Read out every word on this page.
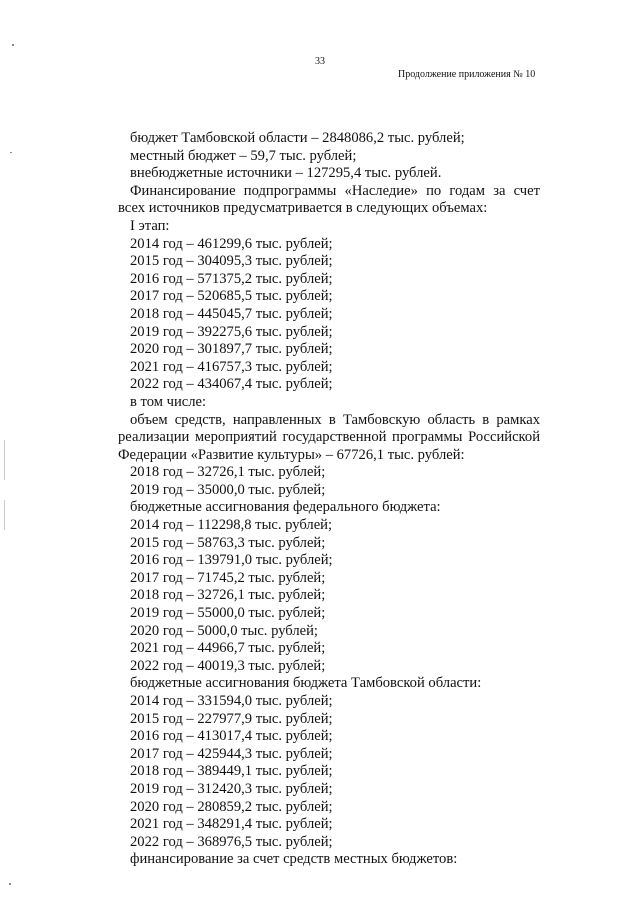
33
Продолжение приложения № 10

бюджет Тамбовской области – 2848086,2 тыс. рублей;

местный бюджет – 59,7 тыс. рублей;

внебюджетные источники – 127295,4 тыс. рублей.

Финансирование подпрограммы «Наследие» по годам за счет всех источников предусматривается в следующих объемах:

I этап:

2014 год – 461299,6 тыс. рублей;

2015 год – 304095,3 тыс. рублей;

2016 год – 571375,2 тыс. рублей;

2017 год – 520685,5 тыс. рублей;

2018 год – 445045,7 тыс. рублей;

2019 год – 392275,6 тыс. рублей;

2020 год – 301897,7 тыс. рублей;

2021 год – 416757,3 тыс. рублей;

2022 год – 434067,4 тыс. рублей;

в том числе:

объем средств, направленных в Тамбовскую область в рамках реализации мероприятий государственной программы Российской Федерации «Развитие культуры» – 67726,1 тыс. рублей:

2018 год – 32726,1 тыс. рублей;

2019 год – 35000,0 тыс. рублей;

бюджетные ассигнования федерального бюджета:

2014 год – 112298,8 тыс. рублей;

2015 год – 58763,3 тыс. рублей;

2016 год – 139791,0 тыс. рублей;

2017 год – 71745,2 тыс. рублей;

2018 год – 32726,1 тыс. рублей;

2019 год – 55000,0 тыс. рублей;

2020 год – 5000,0 тыс. рублей;

2021 год – 44966,7 тыс. рублей;

2022 год – 40019,3 тыс. рублей;

бюджетные ассигнования бюджета Тамбовской области:

2014 год – 331594,0 тыс. рублей;

2015 год – 227977,9 тыс. рублей;

2016 год – 413017,4 тыс. рублей;

2017 год – 425944,3 тыс. рублей;

2018 год – 389449,1 тыс. рублей;

2019 год – 312420,3 тыс. рублей;

2020 год – 280859,2 тыс. рублей;

2021 год – 348291,4 тыс. рублей;

2022 год – 368976,5 тыс. рублей;

финансирование за счет средств местных бюджетов:
